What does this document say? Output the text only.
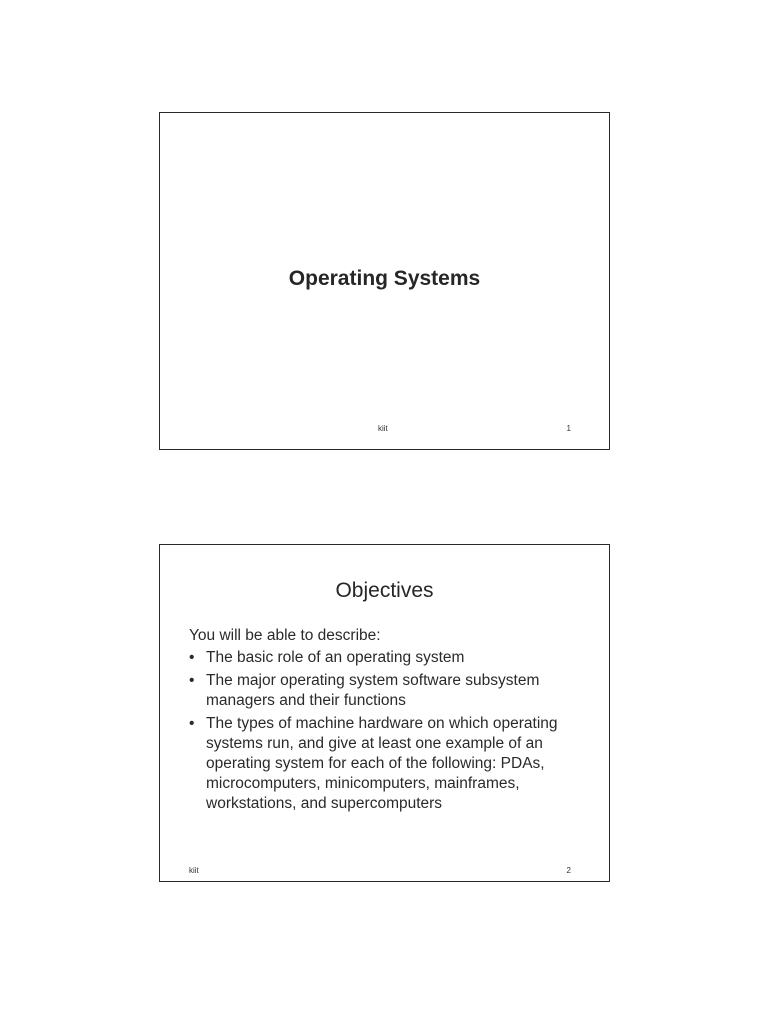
Operating Systems
kiit	1
Objectives

You will be able to describe:

• The basic role of an operating system
• The major operating system software subsystem managers and their functions
• The types of machine hardware on which operating systems run, and give at least one example of an operating system for each of the following: PDAs, microcomputers, minicomputers, mainframes, workstations, and supercomputers
kiit	2
